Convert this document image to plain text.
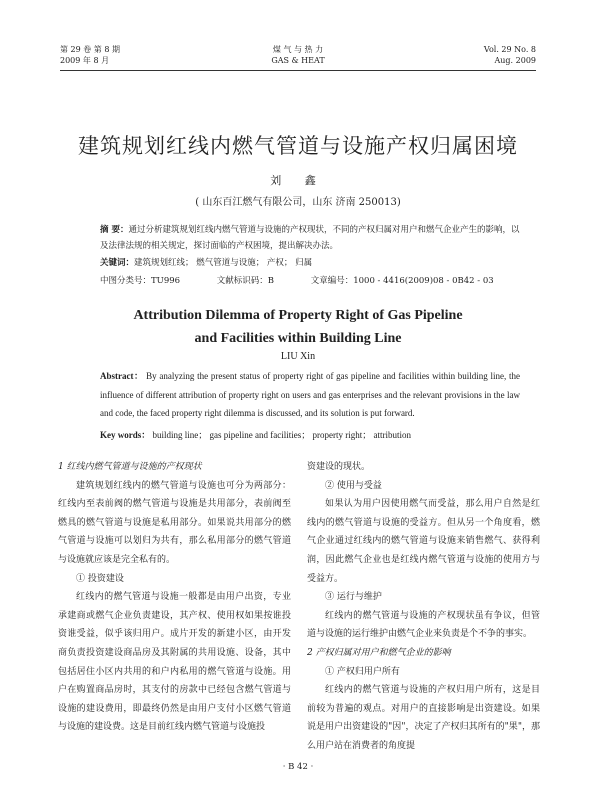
第 29 卷 第 8 期
2009 年 8 月
煤 气 与 热 力
GAS & HEAT
Vol. 29 No. 8
Aug. 2009
建筑规划红线内燃气管道与设施产权归属困境
刘 鑫
( 山东百江燃气有限公司，山东 济南 250013)
摘 要：通过分析建筑规划红线内燃气管道与设施的产权现状，不同的产权归属对用户和燃气企业产生的影响，以及法律法规的相关规定，探讨面临的产权困境，提出解决办法。
关键词：建筑规划红线； 燃气管道与设施； 产权； 归属
中图分类号：TU996	文献标识码：B	文章编号：1000 - 4416(2009)08 - 0B42 - 03
Attribution Dilemma of Property Right of Gas Pipeline
and Facilities within Building Line
LIU Xin
Abstract： By analyzing the present status of property right of gas pipeline and facilities within building line, the influence of different attribution of property right on users and gas enterprises and the relevant provisions in the law and code, the faced property right dilemma is discussed, and its solution is put forward.
Key words： building line； gas pipeline and facilities； property right； attribution

1 红线内燃气管道与设施的产权现状

建筑规划红线内的燃气管道与设施也可分为两部分：红线内至表前阀的燃气管道与设施是共用部分，表前阀至燃具的燃气管道与设施是私用部分。如果说共用部分的燃气管道与设施可以划归为共有，那么私用部分的燃气管道与设施就应该是完全私有的。

① 投资建设

红线内的燃气管道与设施一般都是由用户出资，专业承建商或燃气企业负责建设，其产权、使用权如果按谁投资谁受益，似乎该归用户。成片开发的新建小区，由开发商负责投资建设商品房及其附属的共用设施、设备，其中包括居住小区内共用的和户内私用的燃气管道与设施。用户在购置商品房时，其支付的房款中已经包含燃气管道与设施的建设费用，即最终仍然是由用户支付小区燃气管道与设施的建设费。这是目前红线内燃气管道与设施投

资建设的现状。

② 使用与受益

如果认为用户因使用燃气而受益，那么用户自然是红线内的燃气管道与设施的受益方。但从另一个角度看，燃气企业通过红线内的燃气管道与设施来销售燃气、获得利润，因此燃气企业也是红线内燃气管道与设施的使用方与受益方。

③ 运行与维护

红线内的燃气管道与设施的产权现状虽有争议，但管道与设施的运行维护由燃气企业来负责是个不争的事实。

2 产权归属对用户和燃气企业的影响

① 产权归用户所有

红线内的燃气管道与设施的产权归用户所有，这是目前较为普遍的观点。对用户的直接影响是出资建设。如果说是用户出资建设的"因"，决定了产权归其所有的"果"，那么用户站在消费者的角度提

· B 42 ·
